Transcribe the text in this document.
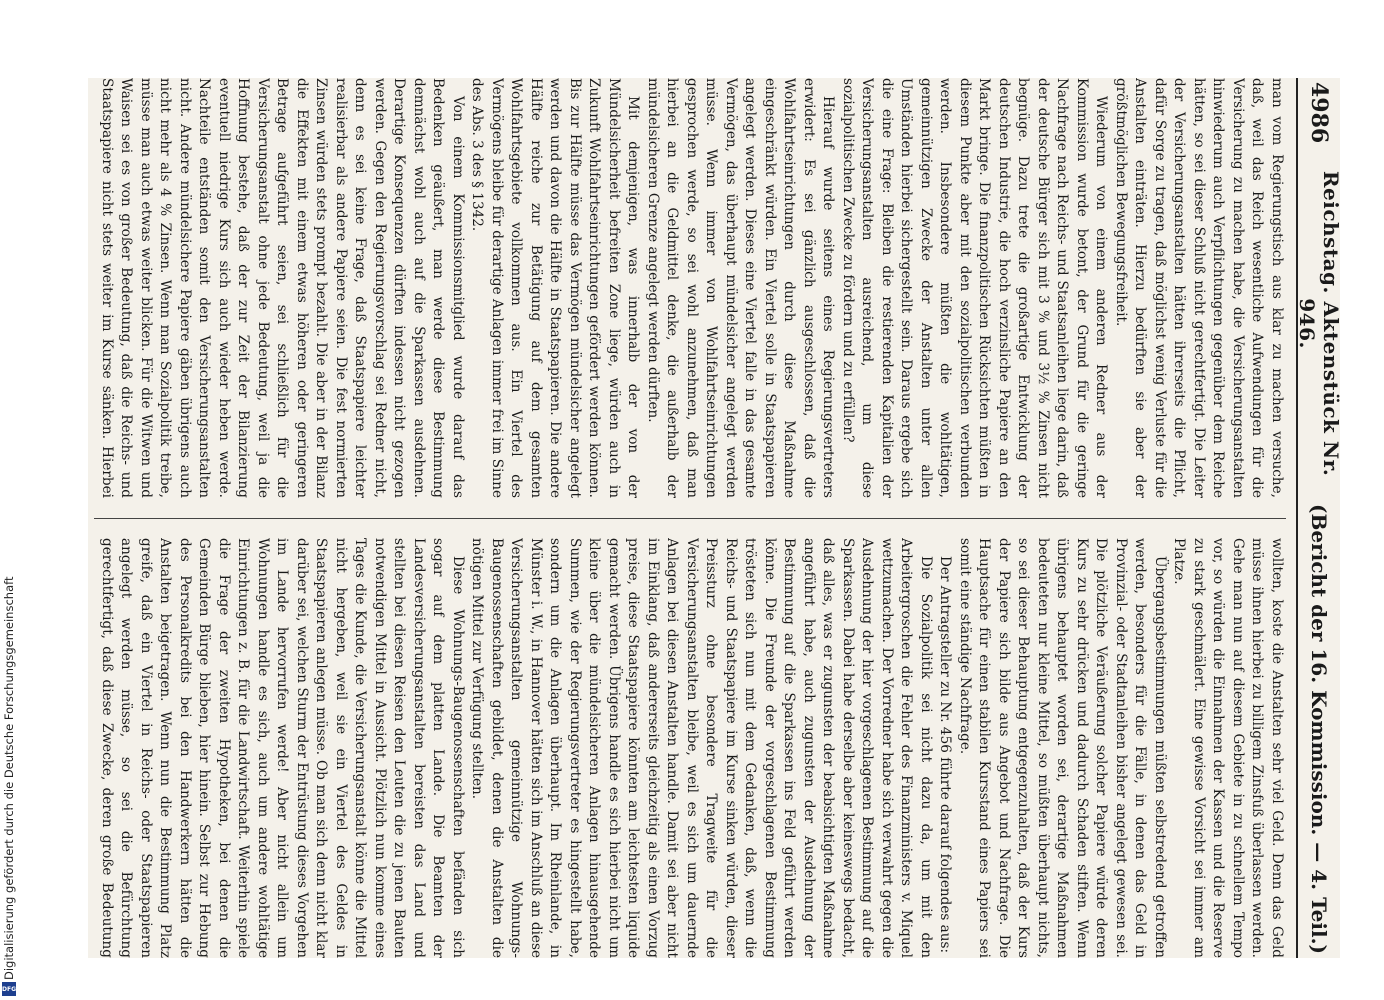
4986
Reichstag. Aktenstück Nr. 946.
(Bericht der 16. Kommission. — 4. Teil.)

man vom Regierungstisch aus klar zu machen versuche, daß, weil das Reich wesentliche Aufwendungen für die Versicherung zu machen habe, die Versicherungsanstalten hinwiederum auch Verpflichtungen gegenüber dem Reiche hätten, so sei dieser Schluß nicht gerechtfertigt. Die Leiter der Versicherungsanstalten hätten ihrerseits die Pflicht, dafür Sorge zu tragen, daß möglichst wenig Verluste für die Anstalten einträten. Hierzu bedürften sie aber der größtmöglichen Bewegungsfreiheit.

Wiederum von einem anderen Redner aus der Kommission wurde betont, der Grund für die geringe Nachfrage nach Reichs- und Staatsanleihen liege darin, daß der deutsche Bürger sich mit 3 % und 3½ % Zinsen nicht begnüge. Dazu trete die großartige Entwicklung der deutschen Industrie, die hoch verzinsliche Papiere an den Markt bringe. Die finanzpolitischen Rücksichten müßten in diesem Punkte aber mit den sozialpolitischen verbunden werden. Insbesondere müßten die wohltätigen, gemeinnützigen Zwecke der Anstalten unter allen Umständen hierbei sichergestellt sein. Daraus ergebe sich die eine Frage: Bleiben die restierenden Kapitalien der Versicherungsanstalten ausreichend, um diese sozialpolitischen Zwecke zu fördern und zu erfüllen?

Hierauf wurde seitens eines Regierungsvertreters erwidert: Es sei gänzlich ausgeschlossen, daß die Wohlfahrtseinrichtungen durch diese Maßnahme eingeschränkt würden. Ein Viertel solle in Staatspapieren angelegt werden. Dieses eine Viertel falle in das gesamte Vermögen, das überhaupt mündelsicher angelegt werden müsse. Wenn immer von Wohlfahrtseinrichtungen gesprochen werde, so sei wohl anzunehmen, daß man hierbei an die Geldmittel denke, die außerhalb der mündelsicheren Grenze angelegt werden dürften.

Mit demjenigen, was innerhalb der von der Mündelsicherheit befreiten Zone liege, würden auch in Zukunft Wohlfahrtseinrichtungen gefördert werden können. Bis zur Hälfte müsse das Vermögen mündelsicher angelegt werden und davon die Hälfte in Staatspapieren. Die andere Hälfte reiche zur Betätigung auf dem gesamten Wohlfahrtsgebiete vollkommen aus. Ein Viertel des Vermögens bleibe für derartige Anlagen immer frei im Sinne des Abs. 3 des § 1342.

Von einem Kommissionsmitglied wurde darauf das Bedenken geäußert, man werde diese Bestimmung demnächst wohl auch auf die Sparkassen ausdehnen. Derartige Konsequenzen dürften indessen nicht gezogen werden. Gegen den Regierungsvorschlag sei Redner nicht, denn es sei keine Frage, daß Staatspapiere leichter realisierbar als andere Papiere seien. Die fest normierten Zinsen würden stets prompt bezahlt. Die aber in der Bilanz die Effekten mit einem etwas höheren oder geringeren Betrage aufgeführt seien, sei schließlich für die Versicherungsanstalt ohne jede Bedeutung, weil ja die Hoffnung bestehe, daß der zur Zeit der Bilanzierung eventuell niedrige Kurs sich auch wieder heben werde. Nachteile entständen somit den Versicherungsanstalten nicht. Andere mündelsichere Papiere gäben übrigens auch nicht mehr als 4 % Zinsen. Wenn man Sozialpolitik treibe, müsse man auch etwas weiter blicken. Für die Witwen und Waisen sei es von großer Bedeutung, daß die Reichs- und Staatspapiere nicht stets weiter im Kurse sänken. Hierbei

wollten, koste die Anstalten sehr viel Geld. Denn das Geld müsse ihnen hierbei zu billigem Zinsfuß überlassen werden. Gehe man nun auf diesem Gebiete in zu schnellem Tempo vor, so würden die Einnahmen der Kassen und die Reserve zu stark geschmälert. Eine gewisse Vorsicht sei immer am Platze.

Übergangsbestimmungen müßten selbstredend getroffen werden, besonders für die Fälle, in denen das Geld in Provinzial- oder Stadtanleihen bisher angelegt gewesen sei. Die plötzliche Veräußerung solcher Papiere würde deren Kurs zu sehr drücken und dadurch Schaden stiften. Wenn übrigens behauptet worden sei, derartige Maßnahmen bedeuteten nur kleine Mittel, so müßten überhaupt nichts, so sei dieser Behauptung entgegenzuhalten, daß der Kurs der Papiere sich bilde aus Angebot und Nachfrage. Die Hauptsache für einen stabilen Kursstand eines Papiers sei somit eine ständige Nachfrage.

Der Antragsteller zu Nr. 456 führte darauf folgendes aus:

Die Sozialpolitik sei nicht dazu da, um mit den Arbeitergroschen die Fehler des Finanzministers v. Miquel wettzumachen. Der Vorredner habe sich verwahrt gegen die Ausdehnung der hier vorgeschlagenen Bestimmung auf die Sparkassen. Dabei habe derselbe aber keineswegs bedacht, daß alles, was er zugunsten der beabsichtigten Maßnahme angeführt habe, auch zugunsten der Ausdehnung der Bestimmung auf die Sparkassen ins Feld geführt werden könne. Die Freunde der vorgeschlagenen Bestimmung trösteten sich nun mit dem Gedanken, daß, wenn die Reichs- und Staatspapiere im Kurse sinken würden, dieser Preissturz ohne besondere Tragweite für die Versicherungsanstalten bleibe, weil es sich um dauernde Anlagen bei diesen Anstalten handle. Damit sei aber nicht im Einklang, daß andererseits gleichzeitig als einen Vorzug preise, diese Staatspapiere könnten am leichtesten liquide gemacht werden. Übrigens handle es sich hierbei nicht um kleine über die mündelsicheren Anlagen hinausgehende Summen, wie der Regierungsvertreter es hingestellt habe, sondern um die Anlagen überhaupt. Im Rheinlande, in Münster i. W., in Hannover hätten sich im Anschluß an diese Versicherungsanstalten gemeinnützige Wohnungs-Baugenossenschaften gebildet, denen die Anstalten die nötigen Mittel zur Verfügung stellten.

Diese Wohnungs-Baugenossenschaften befänden sich sogar auf dem platten Lande. Die Beamten der Landesversicherungsanstalten bereisten das Land und stellten bei diesen Reisen den Leuten die zu jenen Bauten notwendigen Mittel in Aussicht. Plötzlich nun komme eines Tages die Kunde, die Versicherungsanstalt könne die Mittel nicht hergeben, weil sie ein Viertel des Geldes in Staatspapieren anlegen müsse. Ob man sich denn nicht klar darüber sei, welchen Sturm der Entrüstung dieses Vorgehen im Lande hervorrufen werde! Aber nicht allein um Wohnungen handle es sich, auch um andere wohltätige Einrichtungen z. B. für die Landwirtschaft. Weiterhin spiele die Frage der zweiten Hypotheken, bei denen die Gemeinden Bürge blieben, hier hinein. Selbst zur Hebung des Personalkredits bei den Handwerkern hätten die Anstalten beigetragen. Wenn nun die Bestimmung Platz greife, daß ein Viertel in Reichs- oder Staatspapieren angelegt werden müsse, so sei die Befürchtung gerechtfertigt, daß diese Zwecke, deren große Bedeutung

Digitalisierung gefördert durch die Deutsche Forschungsgemeinschaft
DFG
